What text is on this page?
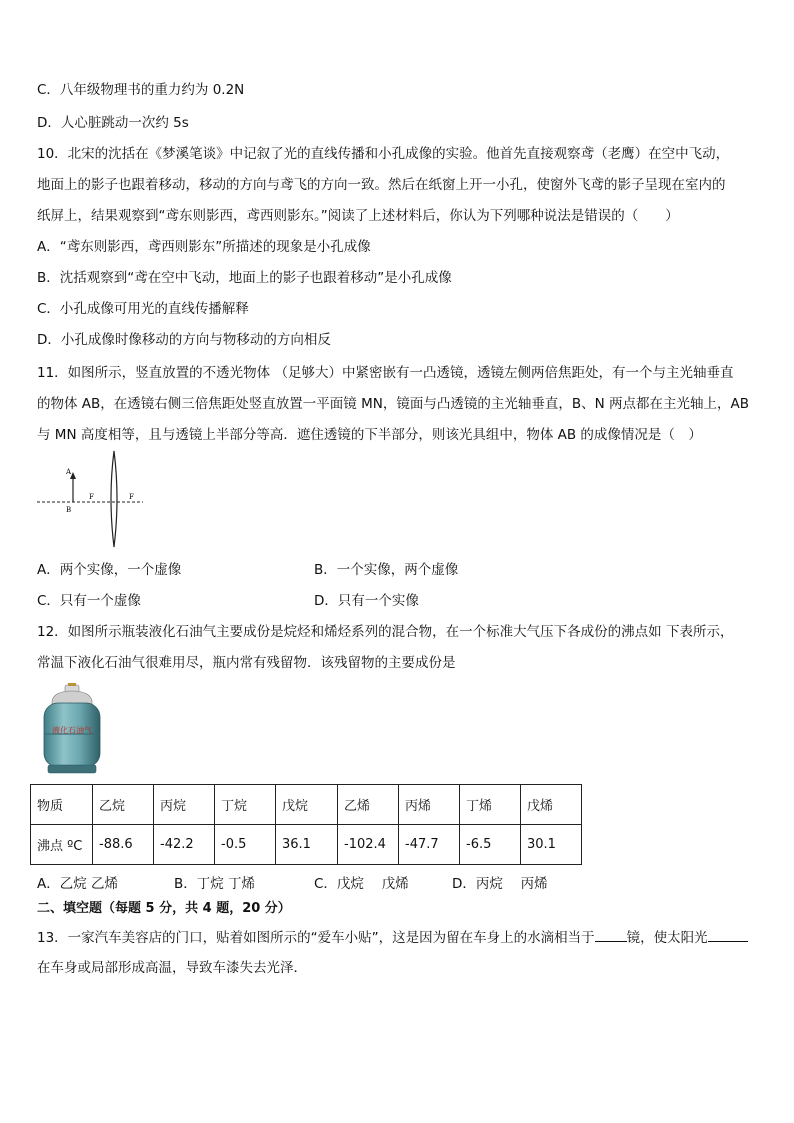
C．八年级物理书的重力约为 0.2N
D．人心脏跳动一次约 5s
10．北宋的沈括在《梦溪笔谈》中记叙了光的直线传播和小孔成像的实验。他首先直接观察鸢（老鹰）在空中飞动，
地面上的影子也跟着移动，移动的方向与鸢飞的方向一致。然后在纸窗上开一小孔，使窗外飞鸢的影子呈现在室内的
纸屏上，结果观察到“鸢东则影西，鸢西则影东。”阅读了上述材料后，你认为下列哪种说法是错误的（　　）
A．“鸢东则影西，鸢西则影东”所描述的现象是小孔成像
B．沈括观察到“鸢在空中飞动，地面上的影子也跟着移动”是小孔成像
C．小孔成像可用光的直线传播解释
D．小孔成像时像移动的方向与物移动的方向相反
11．如图所示，竖直放置的不透光物体 （足够大）中紧密嵌有一凸透镜，透镜左侧两倍焦距处，有一个与主光轴垂直
的物体 AB，在透镜右侧三倍焦距处竖直放置一平面镜 MN，镜面与凸透镜的主光轴垂直，B、N 两点都在主光轴上，AB
与 MN 高度相等，且与透镜上半部分等高．遮住透镜的下半部分，则该光具组中，物体 AB 的成像情况是（　）
A
B
F	F
A．两个实像，一个虚像	B．一个实像，两个虚像
C．只有一个虚像	D．只有一个实像
12．如图所示瓶装液化石油气主要成份是烷烃和烯烃系列的混合物，在一个标准大气压下各成份的沸点如 下表所示，
常温下液化石油气很难用尽，瓶内常有残留物．该残留物的主要成份是
液化石油气
物质	乙烷	丙烷	丁烷	戊烷	乙烯	丙烯	丁烯	戊烯
沸点 ºC	-88.6	-42.2	-0.5	36.1	-102.4	-47.7	-6.5	30.1
A．乙烷 乙烯	B．丁烷 丁烯	C．戊烷　 戊烯	D．丙烷　 丙烯
二、填空题（每题 5 分，共 4 题，20 分）
13．一家汽车美容店的门口，贴着如图所示的“爱车小贴”，这是因为留在车身上的水滴相当于 镜，使太阳光
在车身或局部形成高温，导致车漆失去光泽．
